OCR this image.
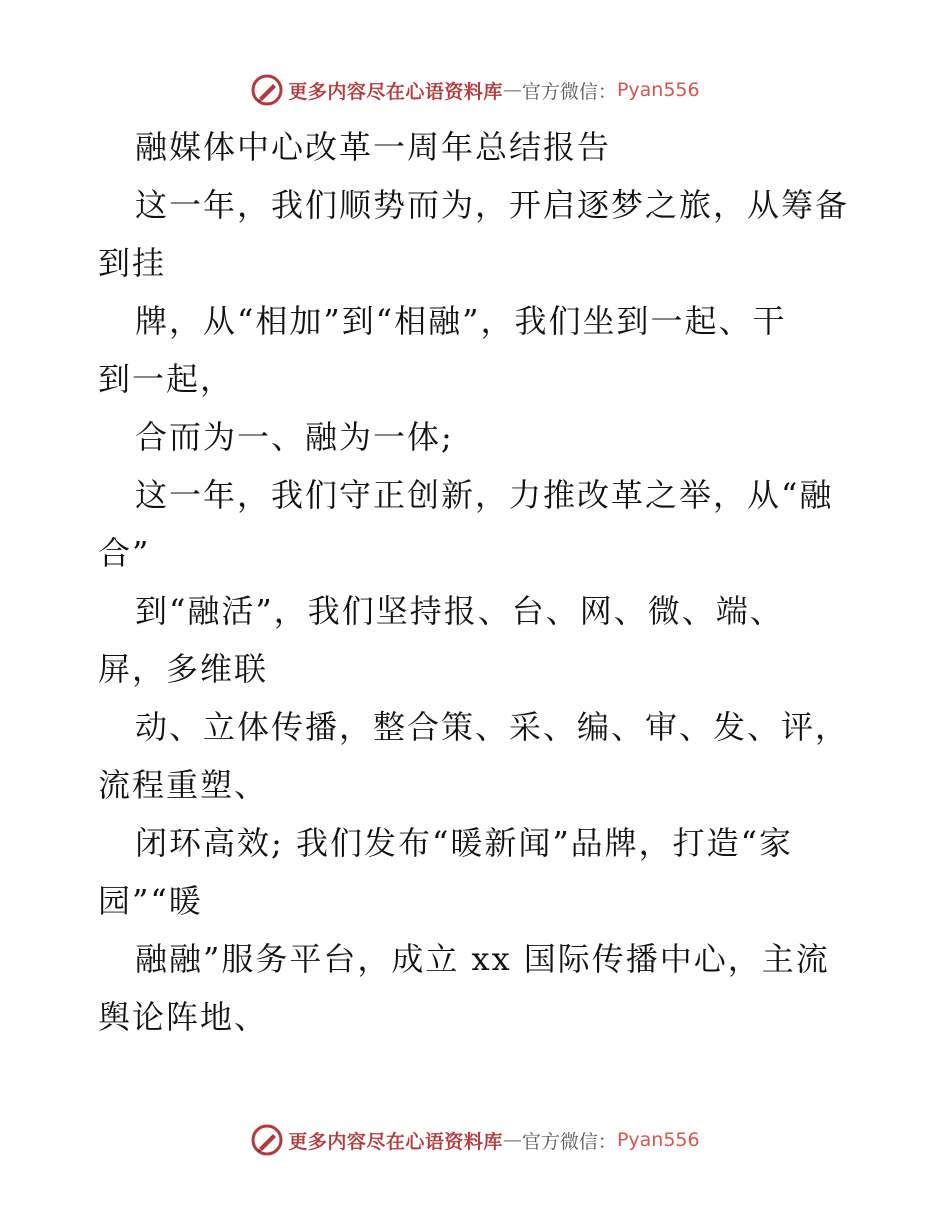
更多内容尽在心语资料库 — 官方微信： Pyan556
融媒体中心改革一周年总结报告
这一年，我们顺势而为，开启逐梦之旅，从筹备
到挂
牌，从“相加”到“相融”，我们坐到一起、干
到一起，
合而为一、融为一体;
这一年，我们守正创新，力推改革之举，从“融
合”
到“融活”，我们坚持报、台、网、微、端、
屏，多维联
动、立体传播，整合策、采、编、审、发、评，
流程重塑、
闭环高效; 我们发布“暖新闻”品牌，打造“家
园”“暖
融融”服务平台，成立 xx 国际传播中心，主流
舆论阵地、
更多内容尽在心语资料库 — 官方微信： Pyan556
